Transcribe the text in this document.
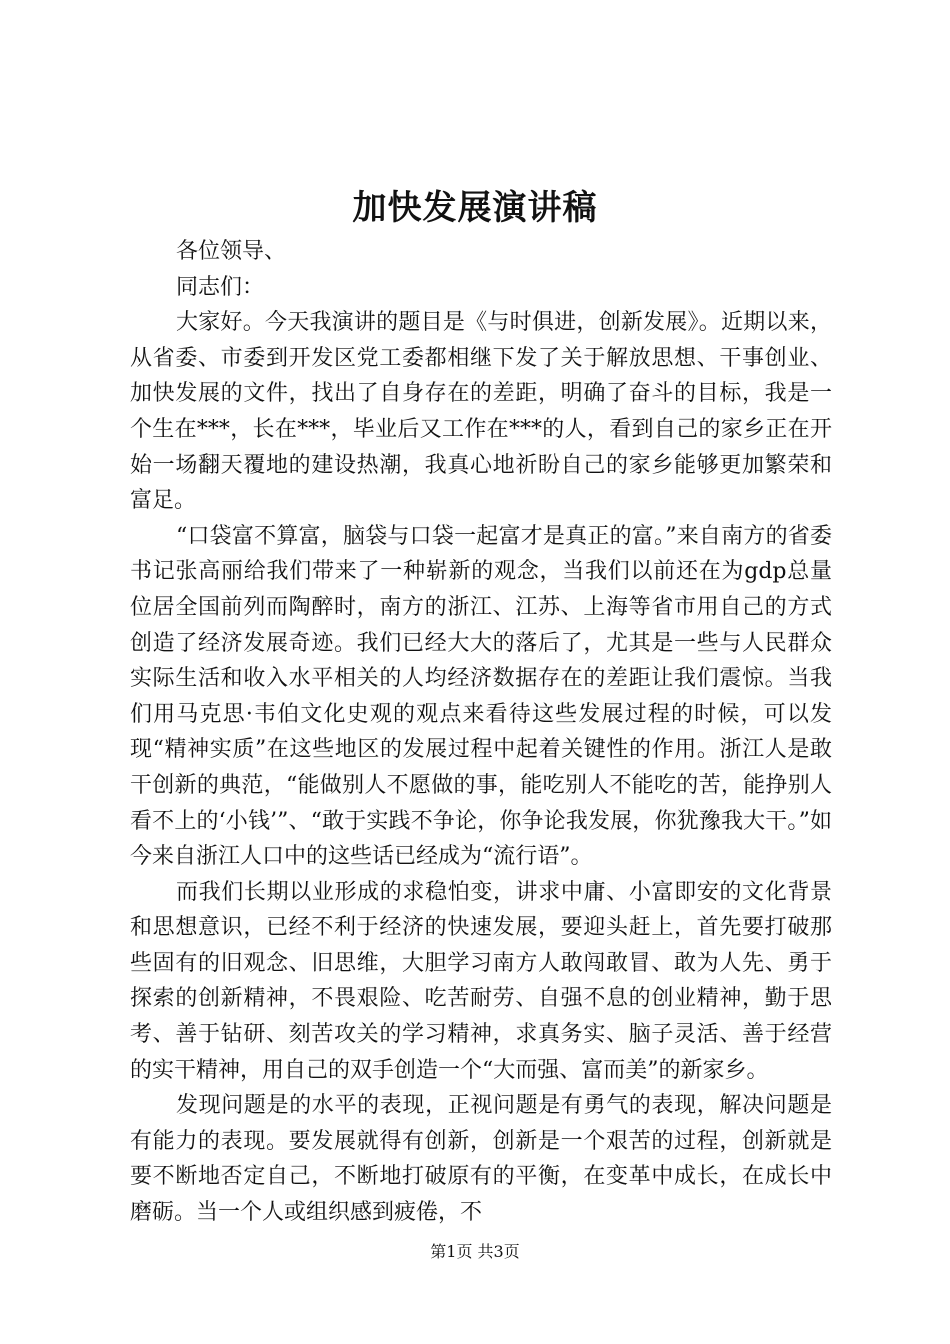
加快发展演讲稿

各位领导、

同志们：

大家好。今天我演讲的题目是《与时俱进，创新发展》。近期以来，从省委、市委到开发区党工委都相继下发了关于解放思想、干事创业、加快发展的文件，找出了自身存在的差距，明确了奋斗的目标，我是一个生在***，长在***，毕业后又工作在***的人，看到自己的家乡正在开始一场翻天覆地的建设热潮，我真心地祈盼自己的家乡能够更加繁荣和富足。

“口袋富不算富，脑袋与口袋一起富才是真正的富。”来自南方的省委书记张高丽给我们带来了一种崭新的观念，当我们以前还在为gdp总量位居全国前列而陶醉时，南方的浙江、江苏、上海等省市用自己的方式创造了经济发展奇迹。我们已经大大的落后了，尤其是一些与人民群众实际生活和收入水平相关的人均经济数据存在的差距让我们震惊。当我们用马克思·韦伯文化史观的观点来看待这些发展过程的时候，可以发现“精神实质”在这些地区的发展过程中起着关键性的作用。浙江人是敢干创新的典范，“能做别人不愿做的事，能吃别人不能吃的苦，能挣别人看不上的‘小钱’”、“敢于实践不争论，你争论我发展，你犹豫我大干。”如今来自浙江人口中的这些话已经成为“流行语”。

而我们长期以业形成的求稳怕变，讲求中庸、小富即安的文化背景和思想意识，已经不利于经济的快速发展，要迎头赶上，首先要打破那些固有的旧观念、旧思维，大胆学习南方人敢闯敢冒、敢为人先、勇于探索的创新精神，不畏艰险、吃苦耐劳、自强不息的创业精神，勤于思考、善于钻研、刻苦攻关的学习精神，求真务实、脑子灵活、善于经营的实干精神，用自己的双手创造一个“大而强、富而美”的新家乡。

发现问题是的水平的表现，正视问题是有勇气的表现，解决问题是有能力的表现。要发展就得有创新，创新是一个艰苦的过程，创新就是要不断地否定自己，不断地打破原有的平衡，在变革中成长，在成长中磨砺。当一个人或组织感到疲倦，不

第1页 共3页
